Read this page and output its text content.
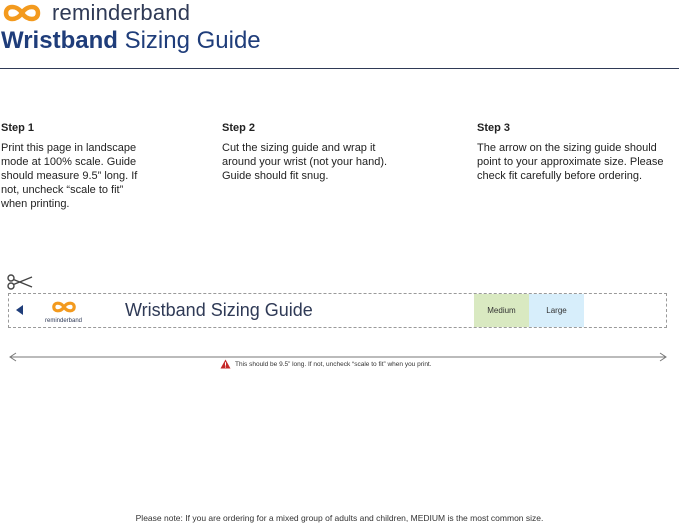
reminderband
Wristband Sizing Guide
Step 1
Print this page in landscape mode at 100% scale. Guide should measure 9.5” long. If not, uncheck “scale to fit” when printing.
Step 2
Cut the sizing guide and wrap it around your wrist (not your hand). Guide should fit snug.
Step 3
The arrow on the sizing guide should point to your approximate size. Please check fit carefully before ordering.
reminderband
Wristband Sizing Guide	Medium	Large
This should be 9.5” long. If not, uncheck “scale to fit” when you print.
Please note: If you are ordering for a mixed group of adults and children, MEDIUM is the most common size.
